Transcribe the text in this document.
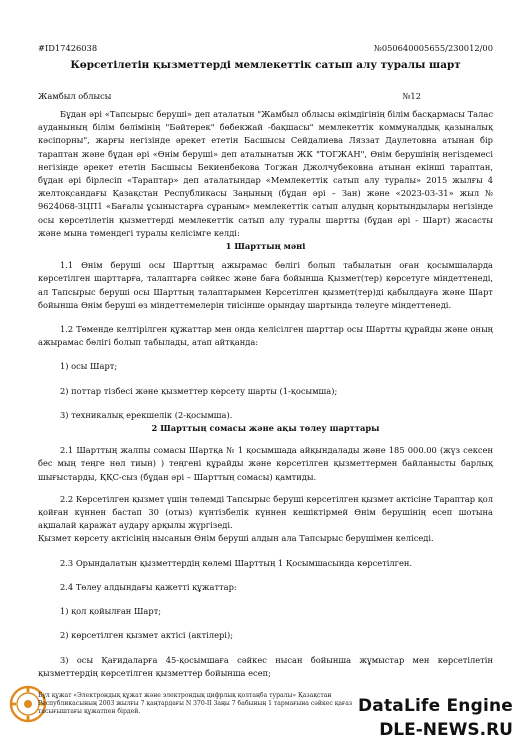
#ID17426038	№050640005655/230012/00
Көрсетілетін қызметтерді мемлекеттік сатып алу туралы шарт
Жамбыл облысы	№12

Бұдан әрі «Тапсырыс беруші» деп аталатын "Жамбыл облысы әкімдігінің білім басқармасы Талас ауданының білім бөлімінің "Бәйтерек" бөбекжай -бақшасы" мемлекеттік коммуналдық қазыналық кәсіпорны", жарғы негізінде әрекет ететін Басшысы Сейдалиева Ляззат Даулетовна атынан бір тараптан және бұдан әрі «Өнім беруші» деп аталынатын ЖК "ТОГЖАН", Өнім берушінің негіздемесі негізінде әрекет ететін Басшысы Бекиенбекова Тогжан Джолчубековна атынан екінші тараптан, бұдан әрі бірлесіп «Тараптар» деп аталатындар «Мемлекеттік сатып алу туралы» 2015 жылғы 4 желтоқсандағы Қазақстан Республикасы Заңының (бұдан әрі – Зан) және «2023-03-31» жыл № 9624068-ЗЦП1 «Бағалы ұсыныстарға сұраным» мемлекеттік сатып алудың қорытындылары негізінде осы көрсетілетін қызметтерді мемлекеттік сатып алу туралы шартты (бұдан әрі - Шарт) жасасты және мына төмендегі туралы келісімге келді:

1 Шарттың мәні

1.1 Өнім беруші осы Шарттың ажырамас бөлігі болып табылатын оған қосымшаларда көрсетілген шарттарға, талаптарға сәйкес және баға бойынша Қызмет(тер) көрсетуге міндеттенеді, ал Тапсырыс беруші осы Шарттың талаптарымен Көрсетілген қызмет(тер)ді қабылдауға және Шарт бойынша Өнім беруші өз міндеттемелерін тиісінше орындау шартында төлеуге міндеттенеді.

1.2 Төменде келтірілген құжаттар мен онда келісілген шарттар осы Шартты құрайды және оның ажырамас бөлігі болып табылады, атап айтқанда:

1) осы Шарт;

2) поттар тізбесі және қызметтер көрсету шарты (1-қосымша);

3) техникалық ерекшелік (2-қосымша).

2 Шарттың сомасы және ақы төлеу шарттары

2.1 Шарттың жалпы сомасы Шартқа № 1 қосымшада айқындалады және 185 000.00 (жүз сексен бес мың теңге нөл тиын) ) теңгені құрайды және көрсетілген қызметтермен байланысты барлық шығыстарды, ҚҚС-сыз (бұдан әрі – Шарттың сомасы) қамтиды.

2.2 Көрсетілген қызмет үшін төлемді Тапсырыс беруші көрсетілген қызмет актісіне Тараптар қол қойған күннен бастап 30 (отыз) күнтізбелік күннен кешіктірмей Өнім берушінің есеп шотына ақшалай қаражат аудару арқылы жүргізеді.

Қызмет көрсету актісінің нысанын Өнім беруші алдын ала Тапсырыс берушімен келіседі.

2.3 Орындалатын қызметтердің көлемі Шарттың 1 Қосымшасында көрсетілген.

2.4 Төлеу алдындағы қажетті құжаттар:

1) қол қойылған Шарт;

2) көрсетілген қызмет актісі (актілері);

3) осы Қағидаларға 45-қосымшаға сәйкес нысан бойынша жұмыстар мен көрсетілетін қызметтердің көрсетілген қызметтер бойынша есеп;

Бұл құжат «Электрондық құжат және электрондық цифрлық қолтаңба туралы» Қазақстан Республикасының 2003 жылғы 7 қаңтардағы N 370-II Заңы 7 бабының 1 тармағына сәйкес қағаз тасығыштағы құжатпен бірдей.	DataLife Engine
DLE-NEWS.RU
